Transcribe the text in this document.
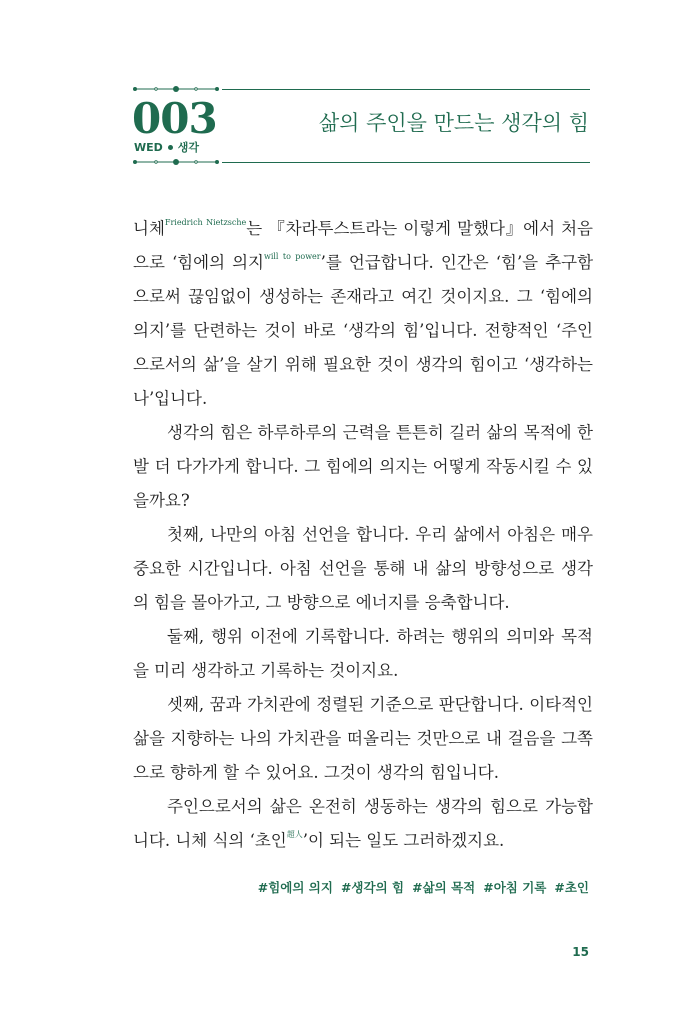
003
WED 생각
삶의 주인을 만드는 생각의 힘

니체$^{Friedrich Nietzsche}$는 『차라투스트라는 이렇게 말했다』에서 처음으로 ‘힘에의 의지$^{will to power}$’를 언급합니다. 인간은 ‘힘’을 추구함으로써 끊임없이 생성하는 존재라고 여긴 것이지요. 그 ‘힘에의 의지’를 단련하는 것이 바로 ‘생각의 힘’입니다. 전향적인 ‘주인으로서의 삶’을 살기 위해 필요한 것이 생각의 힘이고 ‘생각하는 나’입니다.

생각의 힘은 하루하루의 근력을 튼튼히 길러 삶의 목적에 한발 더 다가가게 합니다. 그 힘에의 의지는 어떻게 작동시킬 수 있을까요?

첫째, 나만의 아침 선언을 합니다. 우리 삶에서 아침은 매우 중요한 시간입니다. 아침 선언을 통해 내 삶의 방향성으로 생각의 힘을 몰아가고, 그 방향으로 에너지를 응축합니다.

둘째, 행위 이전에 기록합니다. 하려는 행위의 의미와 목적을 미리 생각하고 기록하는 것이지요.

셋째, 꿈과 가치관에 정렬된 기준으로 판단합니다. 이타적인 삶을 지향하는 나의 가치관을 떠올리는 것만으로 내 걸음을 그쪽으로 향하게 할 수 있어요. 그것이 생각의 힘입니다.

주인으로서의 삶은 온전히 생동하는 생각의 힘으로 가능합니다. 니체 식의 ‘초인$^{超人}$’이 되는 일도 그러하겠지요.

#힘에의 의지 #생각의 힘 #삶의 목적 #아침 기록 #초인
15
